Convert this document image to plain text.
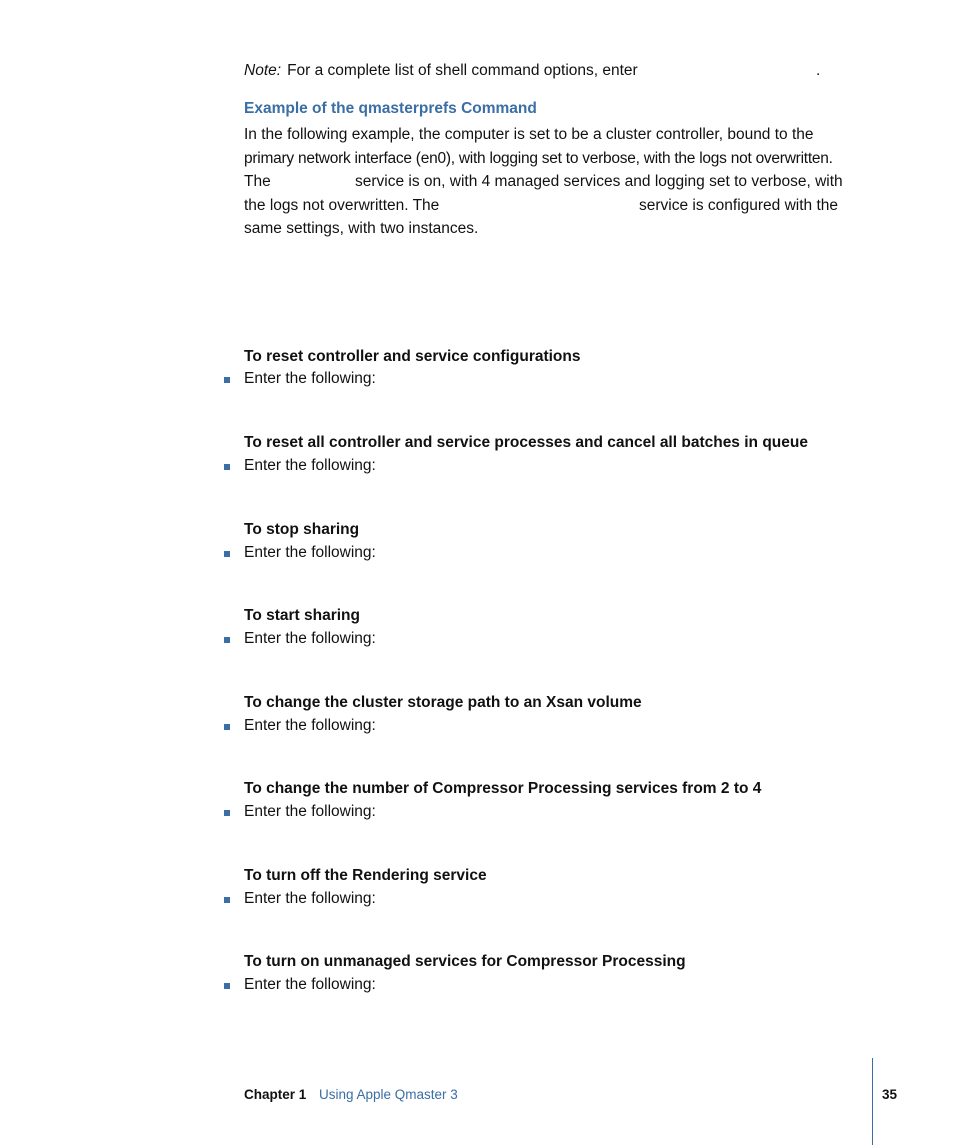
Note: For a complete list of shell command options, enter	.
Example of the qmasterprefs Command
In the following example, the computer is set to be a cluster controller, bound to the
primary network interface (en0), with logging set to verbose, with the logs not overwritten.
The	service is on, with 4 managed services and logging set to verbose, with
the logs not overwritten. The	service is configured with the
same settings, with two instances.
To reset controller and service configurations
Enter the following:
To reset all controller and service processes and cancel all batches in queue
Enter the following:
To stop sharing
Enter the following:
To start sharing
Enter the following:
To change the cluster storage path to an Xsan volume
Enter the following:
To change the number of Compressor Processing services from 2 to 4
Enter the following:
To turn off the Rendering service
Enter the following:
To turn on unmanaged services for Compressor Processing
Enter the following:
Chapter 1 Using Apple Qmaster 3	35
